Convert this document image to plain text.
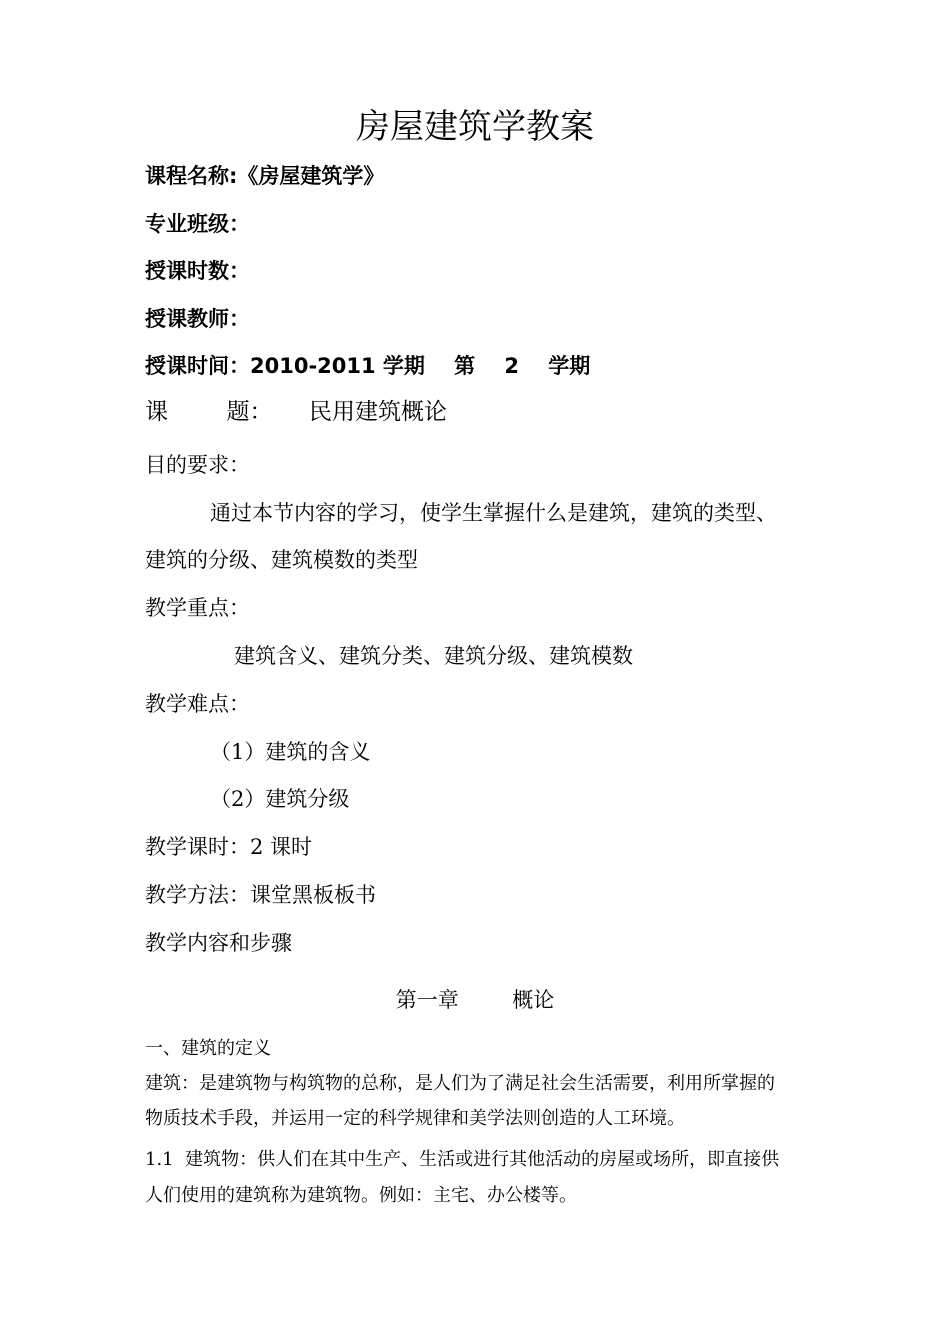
房屋建筑学教案
课程名称:《房屋建筑学》
专业班级：
授课时数：
授课教师：
授课时间：2010-2011 学期    第    2    学期
课        题：     民用建筑概论
目的要求：
通过本节内容的学习，使学生掌握什么是建筑，建筑的类型、
建筑的分级、建筑模数的类型
教学重点：
建筑含义、建筑分类、建筑分级、建筑模数
教学难点：
（1）建筑的含义
（2）建筑分级
教学课时：2 课时
教学方法：课堂黑板板书
教学内容和步骤
第一章        概论
一、建筑的定义
建筑：是建筑物与构筑物的总称，是人们为了满足社会生活需要，利用所掌握的
物质技术手段，并运用一定的科学规律和美学法则创造的人工环境。
1.1  建筑物：供人们在其中生产、生活或进行其他活动的房屋或场所，即直接供
人们使用的建筑称为建筑物。例如：主宅、办公楼等。
